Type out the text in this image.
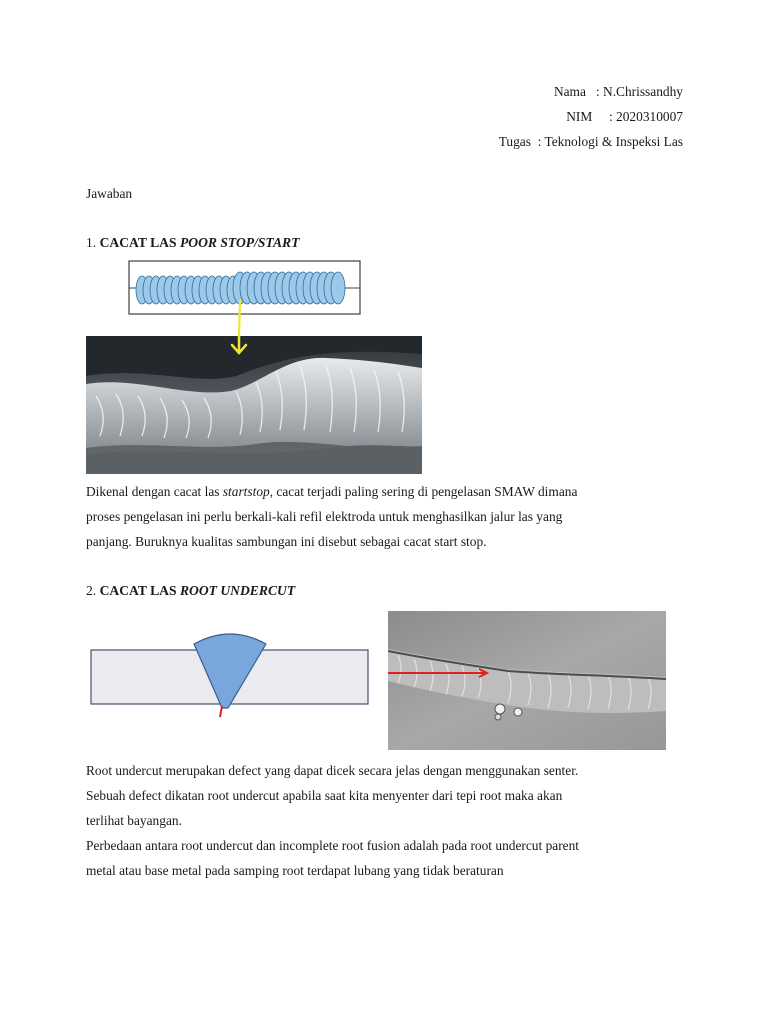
Nama   : N.Chrissandhy
NIM     : 2020310007
Tugas  : Teknologi & Inspeksi Las
Jawaban
1. CACAT LAS POOR STOP/START
Dikenal dengan cacat las startstop, cacat terjadi paling sering di pengelasan SMAW dimana
proses pengelasan ini perlu berkali-kali refil elektroda untuk menghasilkan jalur las yang
panjang. Buruknya kualitas sambungan ini disebut sebagai cacat start stop.
2. CACAT LAS ROOT UNDERCUT
Root undercut merupakan defect yang dapat dicek secara jelas dengan menggunakan senter.
Sebuah defect dikatan root undercut apabila saat kita menyenter dari tepi root maka akan
terlihat bayangan.
Perbedaan antara root undercut dan incomplete root fusion adalah pada root undercut parent
metal atau base metal pada samping root terdapat lubang yang tidak beraturan
